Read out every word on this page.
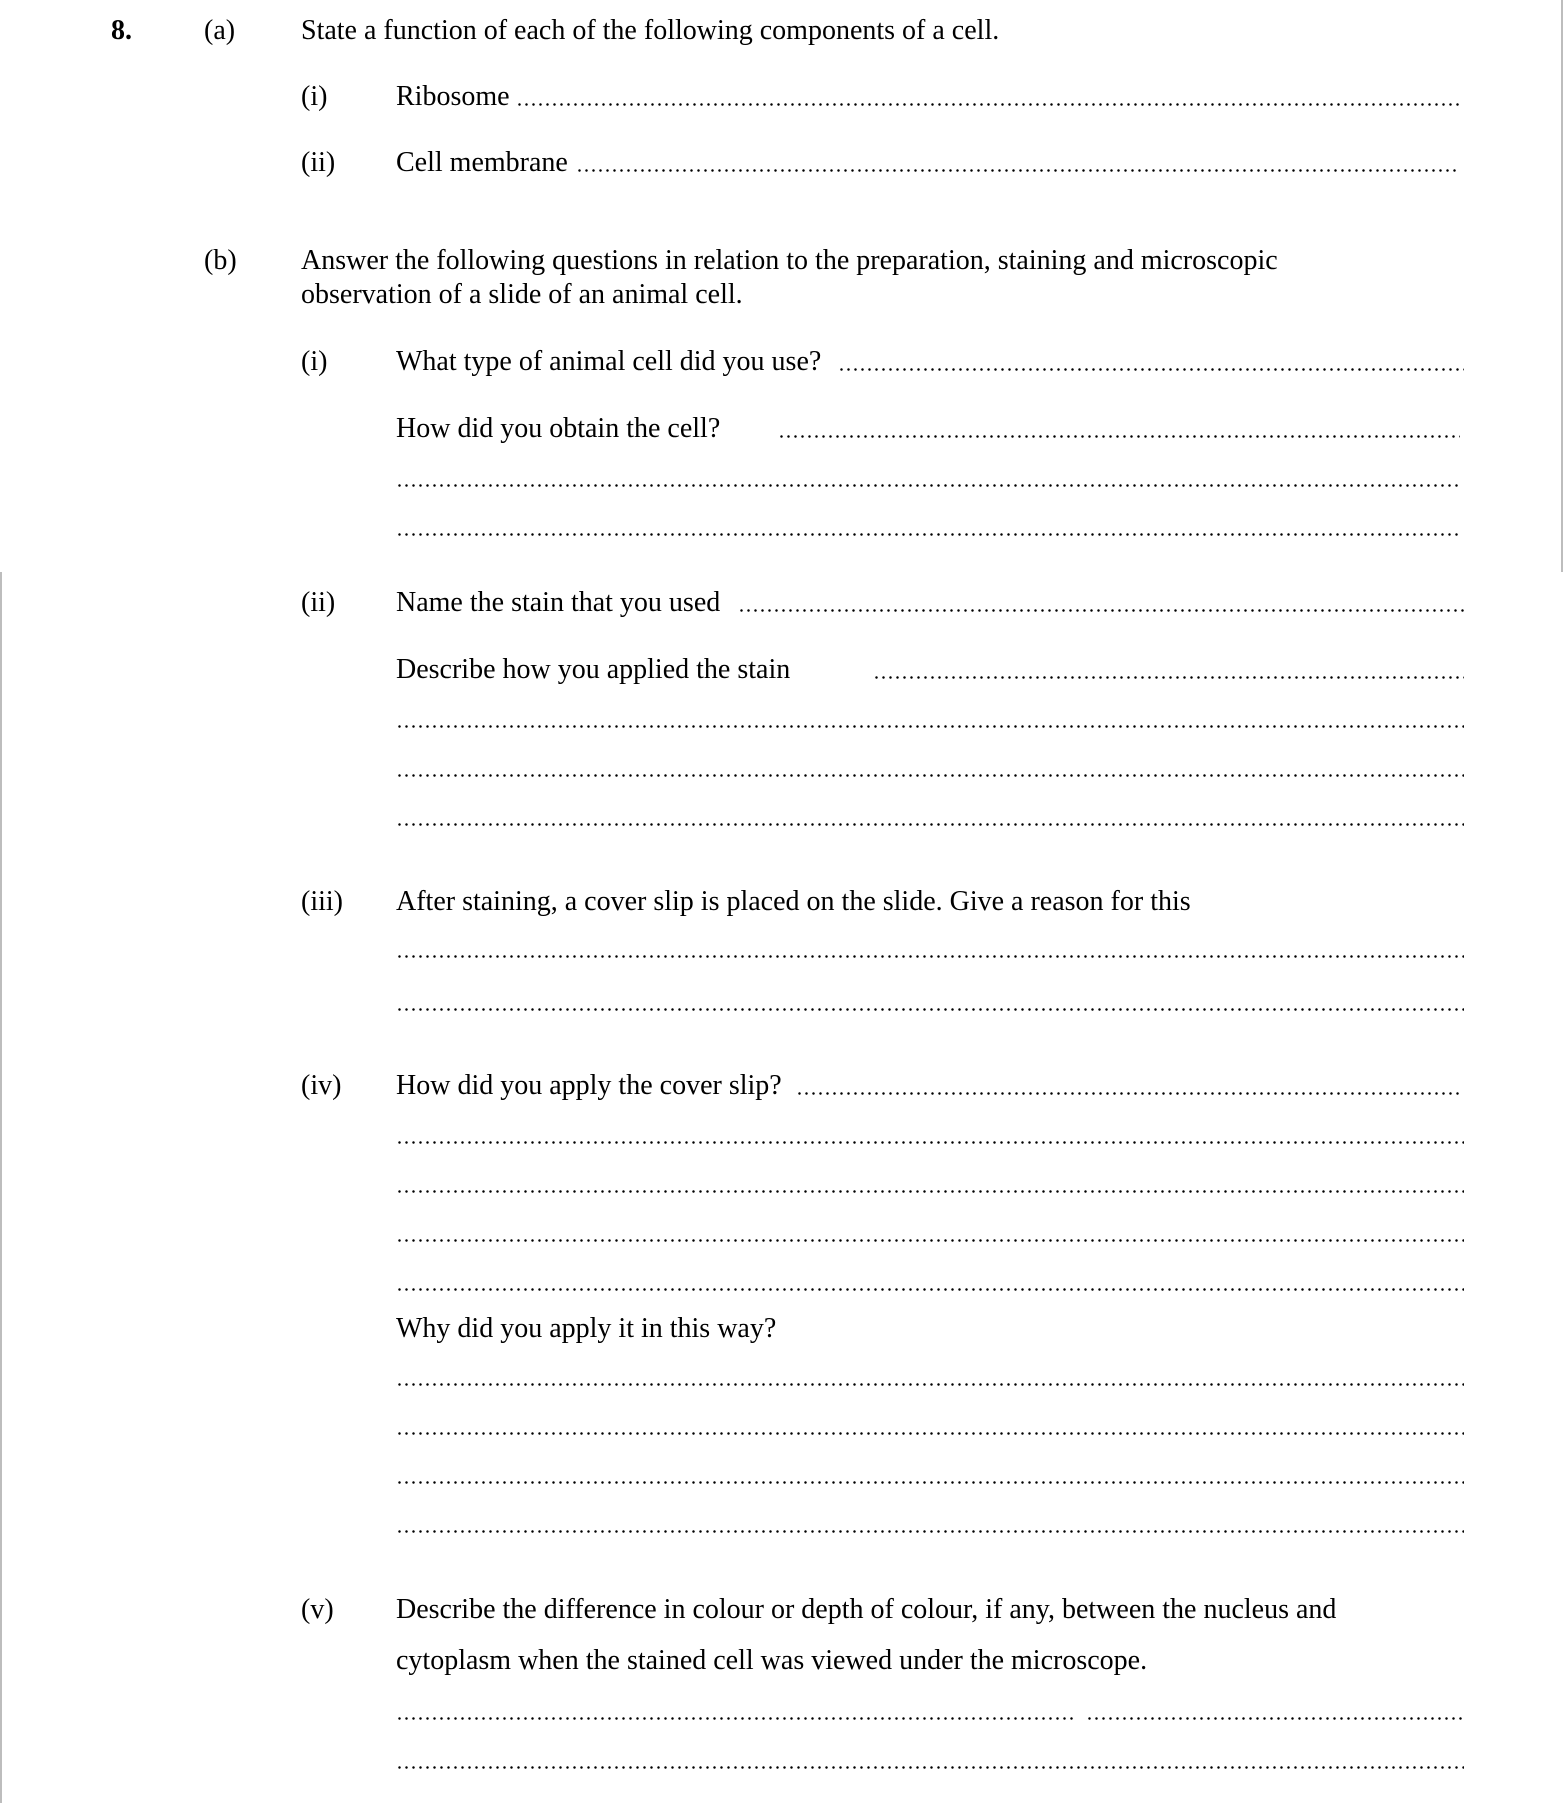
8.	(a) State a function of each of the following components of a cell.
(i) Ribosome
(ii) Cell membrane
(b) Answer the following questions in relation to the preparation, staining and microscopic
observation of a slide of an animal cell.
(i) What type of animal cell did you use?
How did you obtain the cell?
(ii) Name the stain that you used
Describe how you applied the stain
(iii) After staining, a cover slip is placed on the slide. Give a reason for this
(iv) How did you apply the cover slip?
Why did you apply it in this way?
(v) Describe the difference in colour or depth of colour, if any, between the nucleus and
cytoplasm when the stained cell was viewed under the microscope.
